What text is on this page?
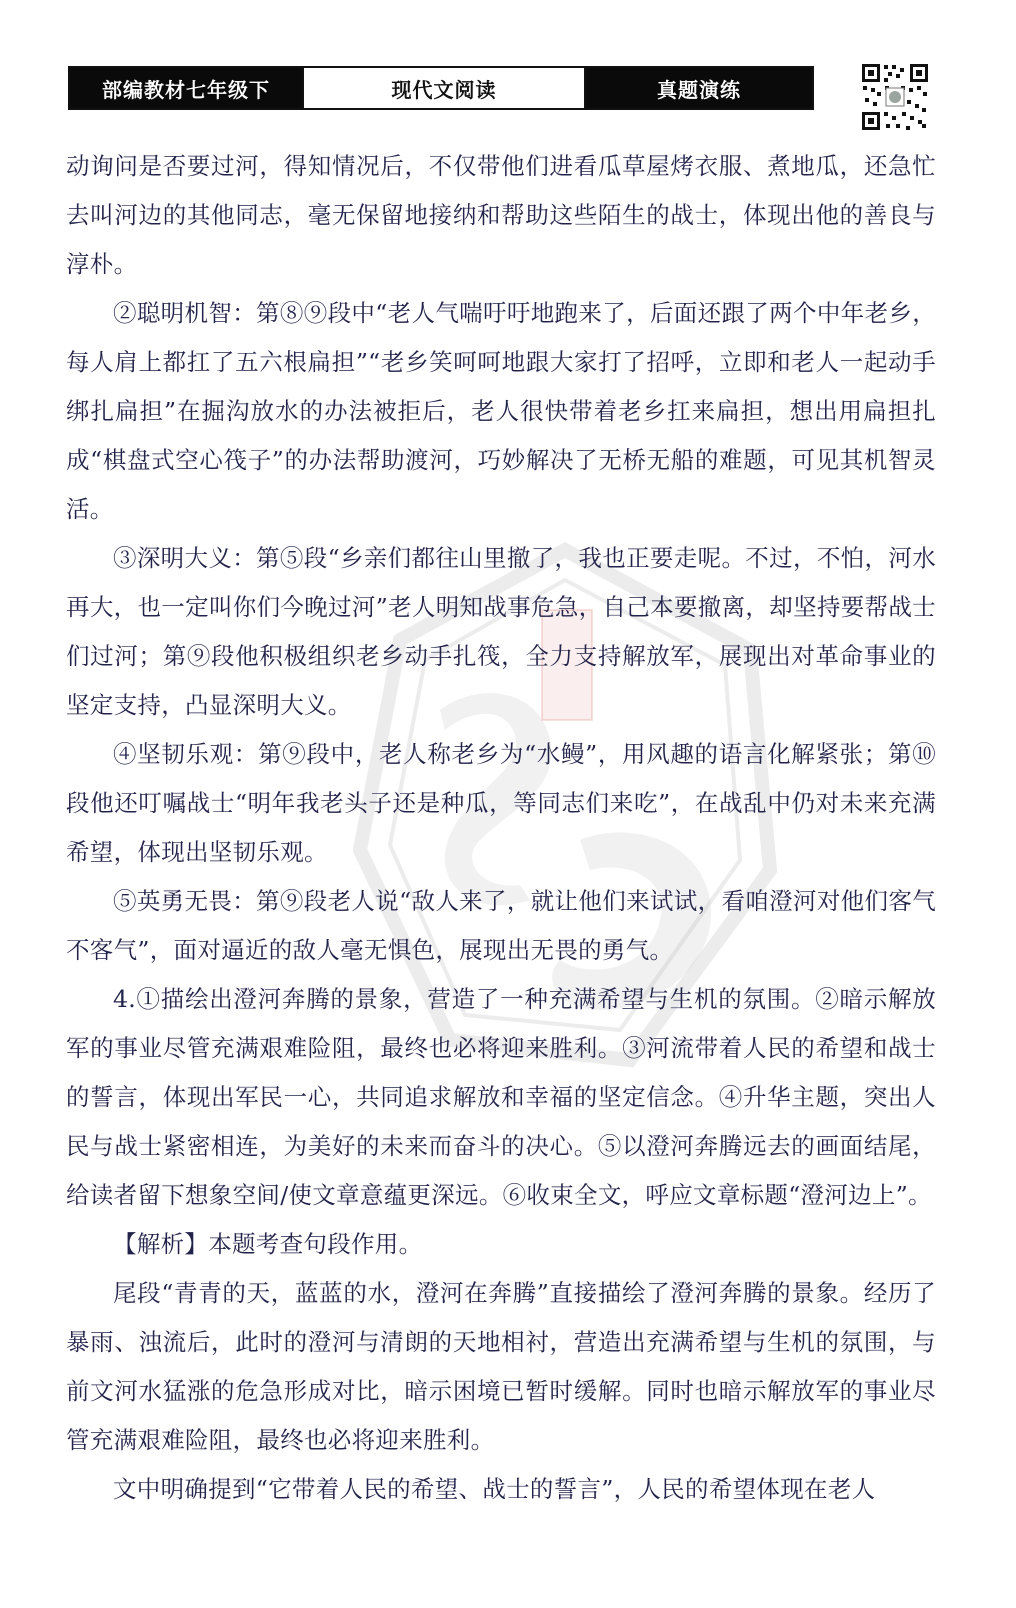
部编教材七年级下	现代文阅读	真题演练

动询问是否要过河，得知情况后，不仅带他们进看瓜草屋烤衣服、煮地瓜，还急忙去叫河边的其他同志，毫无保留地接纳和帮助这些陌生的战士，体现出他的善良与淳朴。

②聪明机智：第⑧⑨段中“老人气喘吁吁地跑来了，后面还跟了两个中年老乡，每人肩上都扛了五六根扁担”“老乡笑呵呵地跟大家打了招呼，立即和老人一起动手绑扎扁担”在掘沟放水的办法被拒后，老人很快带着老乡扛来扁担，想出用扁担扎成“棋盘式空心筏子”的办法帮助渡河，巧妙解决了无桥无船的难题，可见其机智灵活。

③深明大义：第⑤段“乡亲们都往山里撤了，我也正要走呢。不过，不怕，河水再大，也一定叫你们今晚过河”老人明知战事危急，自己本要撤离，却坚持要帮战士们过河；第⑨段他积极组织老乡动手扎筏，全力支持解放军，展现出对革命事业的坚定支持，凸显深明大义。

④坚韧乐观：第⑨段中，老人称老乡为“水鳗”，用风趣的语言化解紧张；第⑩段他还叮嘱战士“明年我老头子还是种瓜，等同志们来吃”，在战乱中仍对未来充满希望，体现出坚韧乐观。

⑤英勇无畏：第⑨段老人说“敌人来了，就让他们来试试，看咱澄河对他们客气不客气”，面对逼近的敌人毫无惧色，展现出无畏的勇气。

4.①描绘出澄河奔腾的景象，营造了一种充满希望与生机的氛围。②暗示解放军的事业尽管充满艰难险阻，最终也必将迎来胜利。③河流带着人民的希望和战士的誓言，体现出军民一心，共同追求解放和幸福的坚定信念。④升华主题，突出人民与战士紧密相连，为美好的未来而奋斗的决心。⑤以澄河奔腾远去的画面结尾，给读者留下想象空间/使文章意蕴更深远。⑥收束全文，呼应文章标题“澄河边上”。

【解析】本题考查句段作用。

尾段“青青的天，蓝蓝的水，澄河在奔腾”直接描绘了澄河奔腾的景象。经历了暴雨、浊流后，此时的澄河与清朗的天地相衬，营造出充满希望与生机的氛围，与前文河水猛涨的危急形成对比，暗示困境已暂时缓解。同时也暗示解放军的事业尽管充满艰难险阻，最终也必将迎来胜利。

文中明确提到“它带着人民的希望、战士的誓言”，人民的希望体现在老人
